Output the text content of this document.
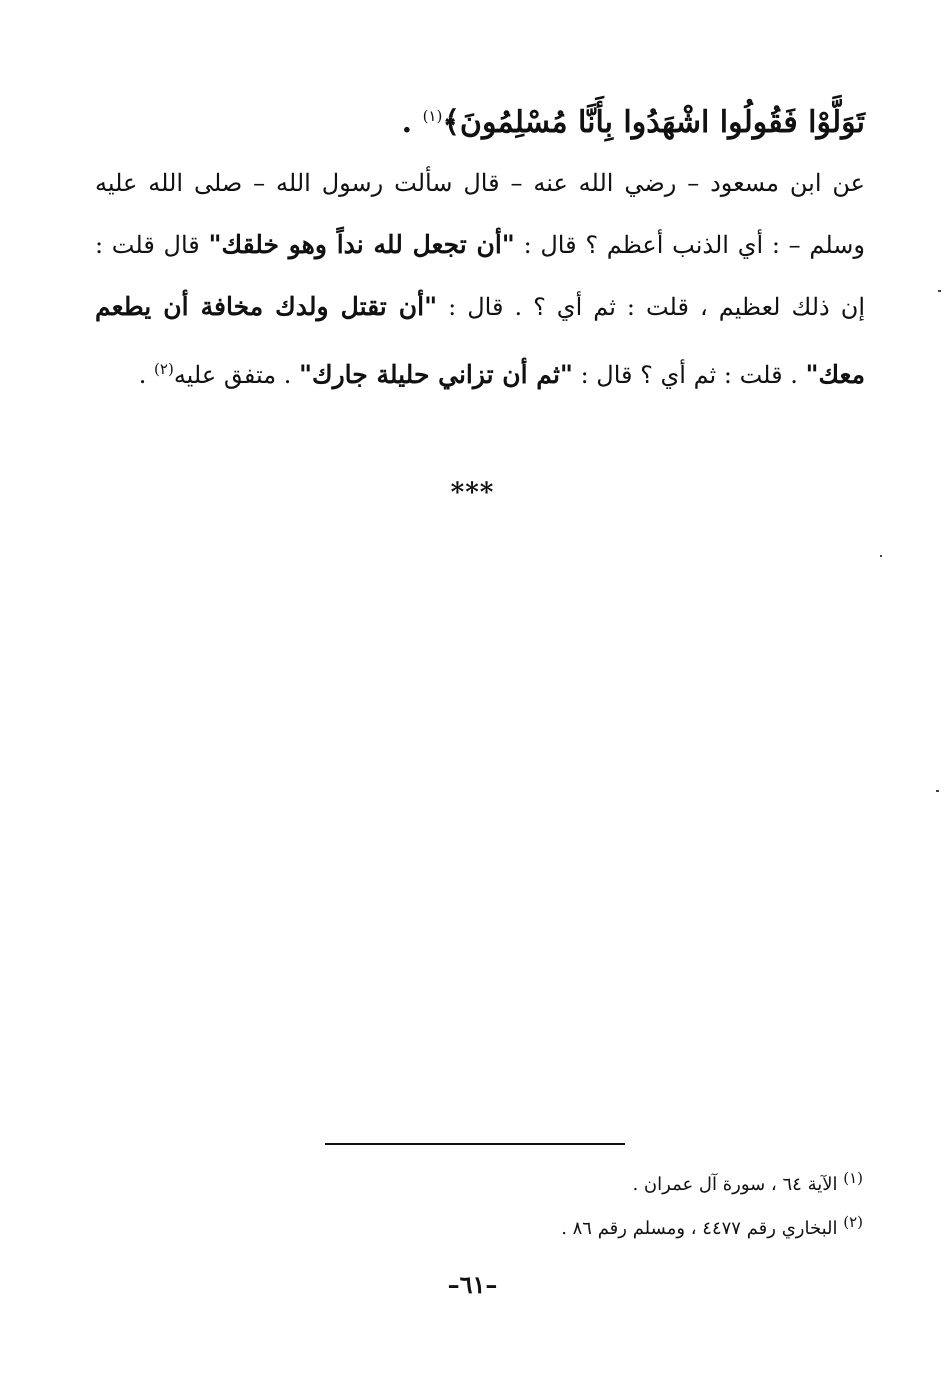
تَوَلَّوْا فَقُولُوا اشْهَدُوا بِأَنَّا مُسْلِمُونَ﴾$^{(١)}$ .
عن ابن مسعود – رضي الله عنه – قال سألت رسول الله – صلى الله عليه وسلم – : أي الذنب أعظم ؟ قال : "أن تجعل لله نداً وهو خلقك" قال قلت : إن ذلك لعظيم ، قلت : ثم أي ؟ . قال : "أن تقتل ولدك مخافة أن يطعم معك" . قلت : ثم أي ؟ قال : "ثم أن تزاني حليلة جارك" . متفق عليه$^{(٢)}$ .
***
$^{(١)}$ الآية ٦٤ ، سورة آل عمران .
$^{(٢)}$ البخاري رقم ٤٤٧٧ ، ومسلم رقم ٨٦ .
–٦١–
